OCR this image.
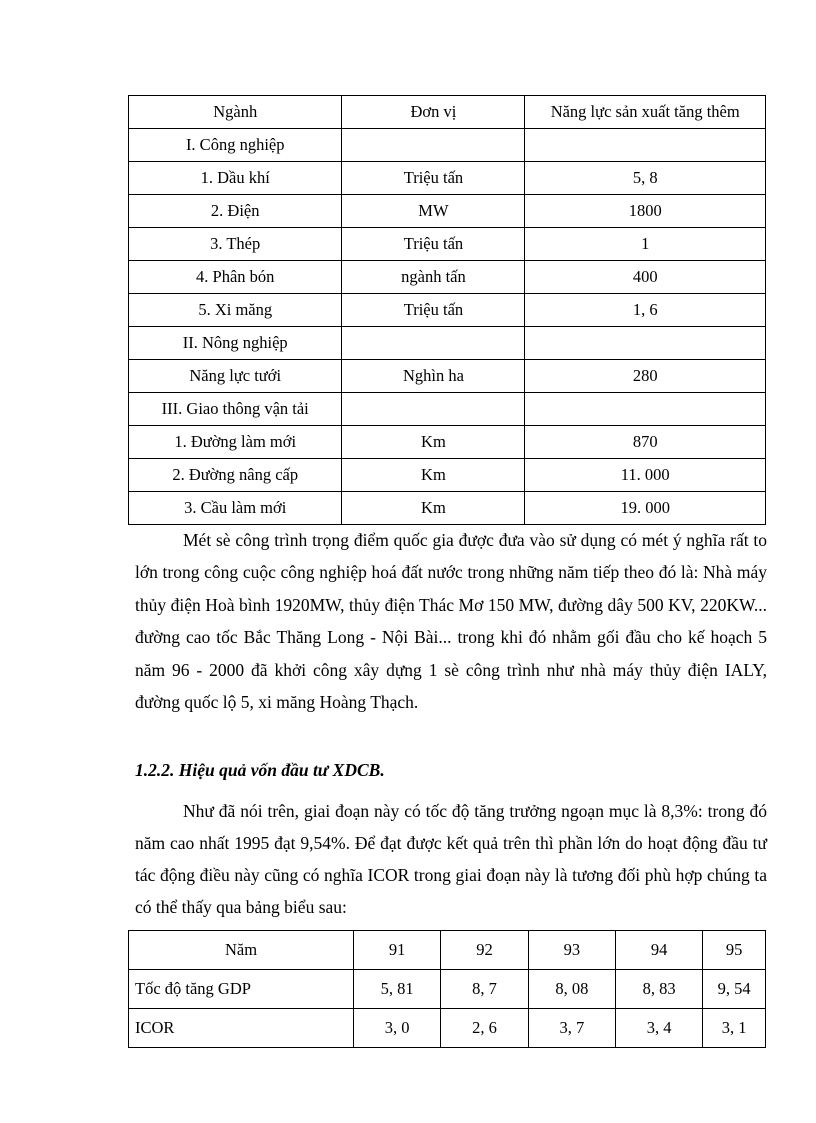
Ngành	Đơn vị	Năng lực sản xuất tăng thêm
I. Công nghiệp		
1. Dầu khí	Triệu tấn	5, 8
2. Điện	MW	1800
3. Thép	Triệu tấn	1
4. Phân bón	ngành tấn	400
5. Xi măng	Triệu tấn	1, 6
II. Nông nghiệp		
Năng lực tưới	Nghìn ha	280
III. Giao thông vận tải		
1. Đường làm mới	Km	870
2. Đường nâng cấp	Km	11. 000
3. Cầu làm mới	Km	19. 000

Mét sè công trình trọng điểm quốc gia được đưa vào sử dụng có mét ý nghĩa rất to lớn trong công cuộc công nghiệp hoá đất nước trong những năm tiếp theo đó là: Nhà máy thủy điện Hoà bình 1920MW, thủy điện Thác Mơ 150 MW, đường dây 500 KV, 220KW... đường cao tốc Bắc Thăng Long - Nội Bài... trong khi đó nhằm gối đầu cho kế hoạch 5 năm 96 - 2000 đã khởi công xây dựng 1 sè công trình như nhà máy thủy điện IALY, đường quốc lộ 5, xi măng Hoàng Thạch.

1.2.2. Hiệu quả vốn đầu tư XDCB.

Như đã nói trên, giai đoạn này có tốc độ tăng trưởng ngoạn mục là 8,3%: trong đó năm cao nhất 1995 đạt 9,54%. Để đạt được kết quả trên thì phần lớn do hoạt động đầu tư tác động điều này cũng có nghĩa ICOR trong giai đoạn này là tương đối phù hợp chúng ta có thể thấy qua bảng biểu sau:

Năm	91	92	93	94	95
Tốc độ tăng GDP	5, 81	8, 7	8, 08	8, 83	9, 54
ICOR	3, 0	2, 6	3, 7	3, 4	3, 1
